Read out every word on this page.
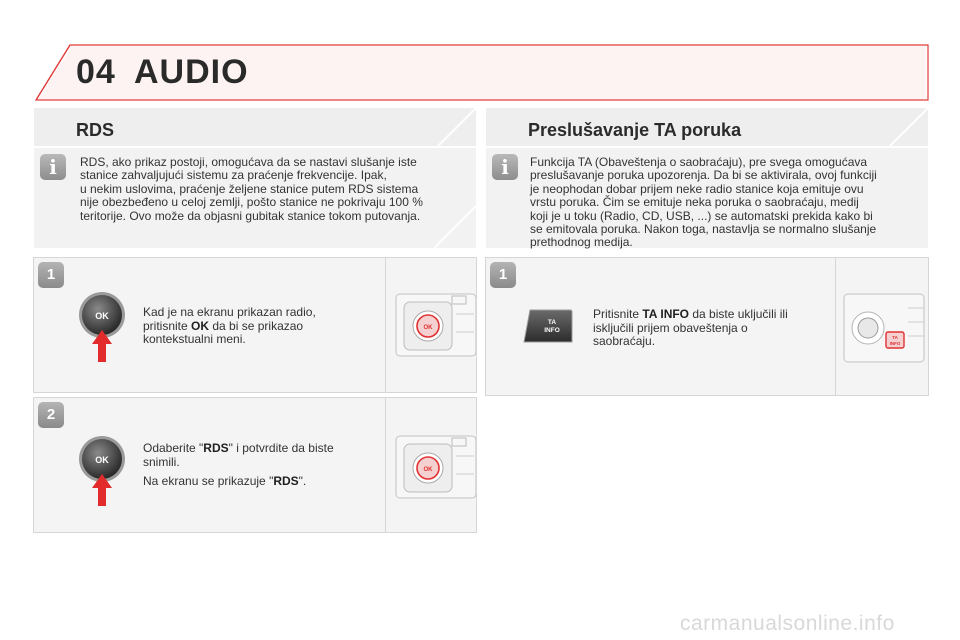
04 AUDIO
RDS
i	RDS, ako prikaz postoji, omogućava da se nastavi slušanje iste
stanice zahvaljujući sistemu za praćenje frekvencije. Ipak,
u nekim uslovima, praćenje željene stanice putem RDS sistema
nije obezbeđeno u celoj zemlji, pošto stanice ne pokrivaju 100 %
teritorije. Ovo može da objasni gubitak stanice tokom putovanja.
1
OK	Kad je na ekranu prikazan radio, pritisnite OK da bi se prikazao kontekstualni meni.

OK
2
OK

Odaberite "RDS" i potvrdite da biste snimili.

Na ekranu se prikazuje "RDS".

OK
Preslušavanje TA poruka
i	Funkcija TA (Obaveštenja o saobraćaju), pre svega omogućava
preslušavanje poruka upozorenja. Da bi se aktivirala, ovoj funkciji
je neophodan dobar prijem neke radio stanice koja emituje ovu
vrstu poruka. Čim se emituje neka poruka o saobraćaju, medij
koji je u toku (Radio, CD, USB, ...) se automatski prekida kako bi
se emitovala poruka. Nakon toga, nastavlja se normalno slušanje
prethodnog medija.
1
TA
INFO

Pritisnite TA INFO da biste uključili ili isključili prijem obaveštenja o saobraćaju.	TA
INFO
carmanualsonline.info
